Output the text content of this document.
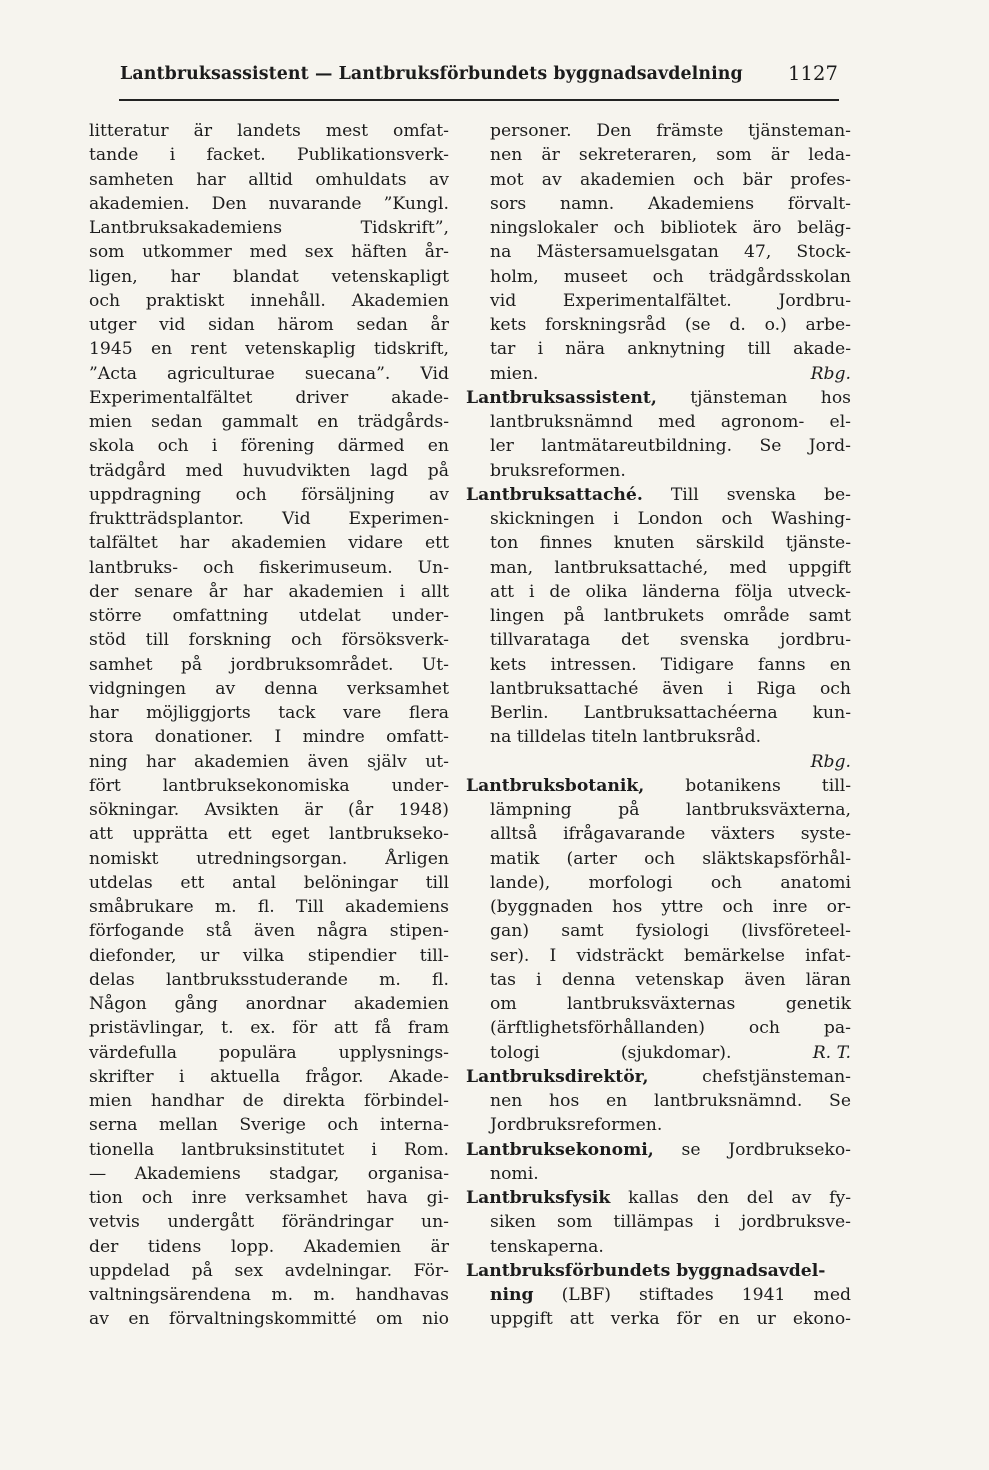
Lantbruksassistent — Lantbruksförbundets byggnadsavdelning 1127
litteratur är landets mest omfat-
tande i facket. Publikationsverk-
samheten har alltid omhuldats av
akademien. Den nuvarande ”Kungl.
Lantbruksakademiens Tidskrift”,
som utkommer med sex häften år-
ligen, har blandat vetenskapligt
och praktiskt innehåll. Akademien
utger vid sidan härom sedan år
1945 en rent vetenskaplig tidskrift,
”Acta agriculturae suecana”. Vid
Experimentalfältet driver akade-
mien sedan gammalt en trädgårds-
skola och i förening därmed en
trädgård med huvudvikten lagd på
uppdragning och försäljning av
fruktträdsplantor. Vid Experimen-
talfältet har akademien vidare ett
lantbruks- och fiskerimuseum. Un-
der senare år har akademien i allt
större omfattning utdelat under-
stöd till forskning och försöksverk-
samhet på jordbruksområdet. Ut-
vidgningen av denna verksamhet
har möjliggjorts tack vare flera
stora donationer. I mindre omfatt-
ning har akademien även själv ut-
fört lantbruksekonomiska under-
sökningar. Avsikten är (år 1948)
att upprätta ett eget lantbrukseko-
nomiskt utredningsorgan. Årligen
utdelas ett antal belöningar till
småbrukare m. fl. Till akademiens
förfogande stå även några stipen-
diefonder, ur vilka stipendier till-
delas lantbruksstuderande m. fl.
Någon gång anordnar akademien
pristävlingar, t. ex. för att få fram
värdefulla populära upplysnings-
skrifter i aktuella frågor. Akade-
mien handhar de direkta förbindel-
serna mellan Sverige och interna-
tionella lantbruksinstitutet i Rom.
— Akademiens stadgar, organisa-
tion och inre verksamhet hava gi-
vetvis undergått förändringar un-
der tidens lopp. Akademien är
uppdelad på sex avdelningar. För-
valtningsärendena m. m. handhavas
av en förvaltningskommitté om nio
personer. Den främste tjänsteman-
nen är sekreteraren, som är leda-
mot av akademien och bär profes-
sors namn. Akademiens förvalt-
ningslokaler och bibliotek äro beläg-
na Mästersamuelsgatan 47, Stock-
holm, museet och trädgårdsskolan
vid Experimentalfältet. Jordbru-
kets forskningsråd (se d. o.) arbe-
tar i nära anknytning till akade-
mien.	Rbg.
Lantbruksassistent, tjänsteman hos
lantbruksnämnd med agronom- el-
ler lantmätareutbildning. Se Jord-
bruksreformen.
Lantbruksattaché. Till svenska be-
skickningen i London och Washing-
ton finnes knuten särskild tjänste-
man, lantbruksattaché, med uppgift
att i de olika länderna följa utveck-
lingen på lantbrukets område samt
tillvaratagа det svenska jordbru-
kets intressen. Tidigare fanns en
lantbruksattaché även i Riga och
Berlin. Lantbruksattachéerna kun-
na tilldelas titeln lantbruksråd.
Rbg.
Lantbruksbotanik, botanikens till-
lämpning på lantbruksväxterna,
alltså ifrågavarande växters syste-
matik (arter och släktskapsförhål-
lande), morfologi och anatomi
(byggnaden hos yttre och inre or-
gan) samt fysiologi (livsföreteel-
ser). I vidsträckt bemärkelse infat-
tas i denna vetenskap även läran
om lantbruksväxternas genetik
(ärftlighetsförhållanden) och pa-
tologi (sjukdomar).	R. T.
Lantbruksdirektör,	chefstjänsteman-
nen hos en lantbruksnämnd. Se
Jordbruksreformen.
Lantbruksekonomi, se Jordbrukseko-
nomi.
Lantbruksfysik kallas den del av fy-
siken som tillämpas i jordbruksve-
tenskaperna.
Lantbruksförbundets byggnadsavdel-
ning (LBF) stiftades 1941 med
uppgift att verka för en ur ekono-
